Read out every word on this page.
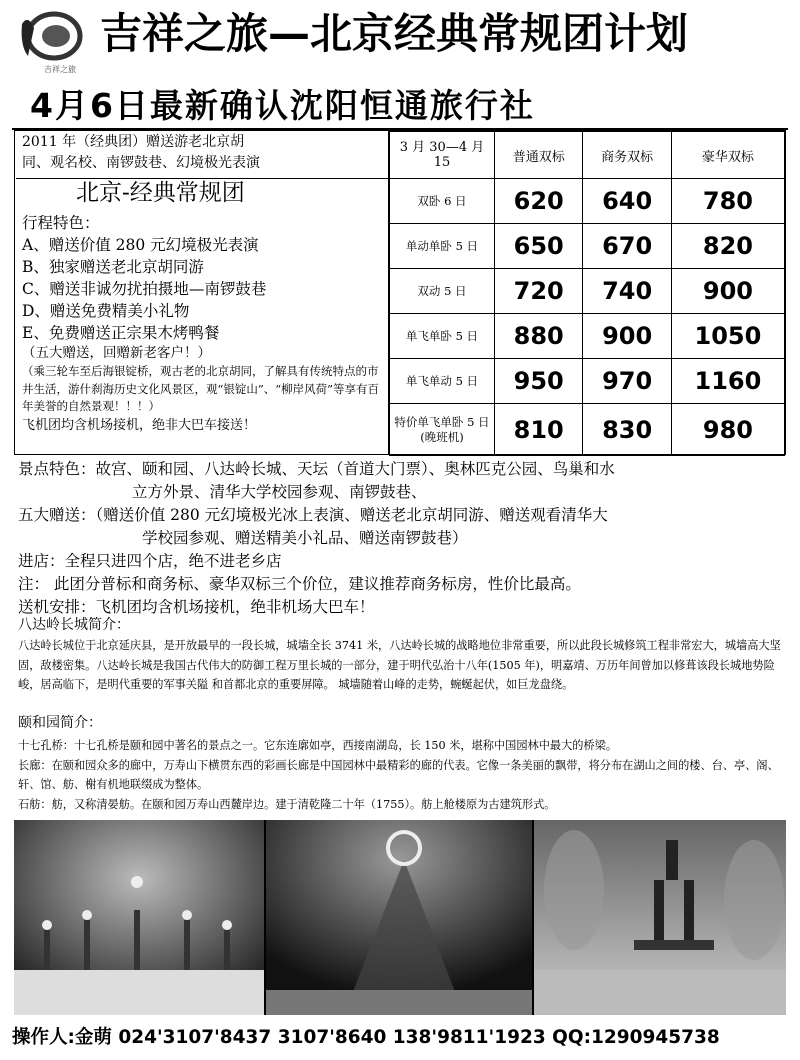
吉祥之旅
吉祥之旅—北京经典常规团计划
4月6日最新确认沈阳恒通旅行社
2011 年（经典团）赠送游老北京胡
同、观名校、南锣鼓巷、幻境极光表演
北京-经典常规团
行程特色：
A、赠送价值 280 元幻境极光表演
B、独家赠送老北京胡同游
C、赠送非诚勿扰拍摄地—南锣鼓巷
D、赠送免费精美小礼物
E、免费赠送正宗果木烤鸭餐
（五大赠送，回赠新老客户！）
（乘三轮车至后海银锭桥，观古老的北京胡同，了解具有传统特点的市井生活，游什刹海历史文化风景区，观“银锭山”、“柳岸风荷”等享有百年美誉的自然景观！！！）
飞机团均含机场接机，绝非大巴车接送！
3 月 30—4 月 15	普通双标	商务双标	豪华双标
双卧 6 日	620	640	780
单动单卧 5 日	650	670	820
双动 5 日	720	740	900
单飞单卧 5 日	880	900	1050
单飞单动 5 日	950	970	1160

特价单飞单卧 5 日
(晚班机)	810	830	980
景点特色：故宫、颐和园、八达岭长城、天坛（首道大门票）、奥林匹克公园、鸟巢和水
立方外景、清华大学校园参观、南锣鼓巷、
五大赠送：（赠送价值 280 元幻境极光冰上表演、赠送老北京胡同游、赠送观看清华大
学校园参观、赠送精美小礼品、赠送南锣鼓巷）
进店：全程只进四个店，绝不进老乡店
注： 此团分普标和商务标、豪华双标三个价位，建议推荐商务标房，性价比最高。
送机安排：飞机团均含机场接机，绝非机场大巴车！
八达岭长城简介：
八达岭长城位于北京延庆县，是开放最早的一段长城，城墙全长 3741 米，八达岭长城的战略地位非常重要，所以此段长城修筑工程非常宏大，城墙高大坚固，敌楼密集。八达岭长城是我国古代伟大的防御工程万里长城的一部分，建于明代弘治十八年(1505 年)，明嘉靖、万历年间曾加以修葺该段长城地势险峻，居高临下，是明代重要的军事关隘 和首都北京的重要屏障。 城墙随着山峰的走势，蜿蜒起伏，如巨龙盘绕。
颐和园简介：
十七孔桥：十七孔桥是颐和园中著名的景点之一。它东连廓如亭，西接南湖岛，长 150 米，堪称中国园林中最大的桥梁。
长廊：在颐和园众多的廊中，万寿山下横贯东西的彩画长廊是中国园林中最精彩的廊的代表。它像一条美丽的飘带，将分布在湖山之间的楼、台、亭、阁、轩、馆、舫、榭有机地联缀成为整体。
石舫：舫，又称清晏舫。在颐和园万寿山西麓岸边。建于清乾隆二十年（1755）。舫上舱楼原为古建筑形式。
操作人:金萌 024'3107'8437 3107'8640 138'9811'1923 QQ:1290945738
